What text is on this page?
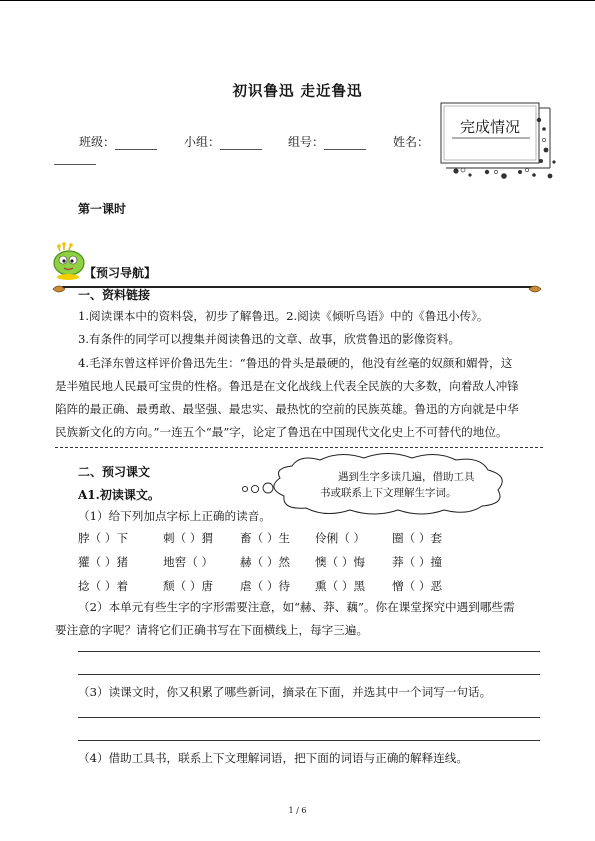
初识鲁迅 走近鲁迅
班级：	小组：	组号：	姓名：
完成情况
第一课时
【预习导航】
一、资料链接
1.阅读课本中的资料袋，初步了解鲁迅。2.阅读《倾听鸟语》中的《鲁迅小传》。
3.有条件的同学可以搜集并阅读鲁迅的文章、故事，欣赏鲁迅的影像资料。
4.毛泽东曾这样评价鲁迅先生：“鲁迅的骨头是最硬的，他没有丝毫的奴颜和媚骨，这
是半殖民地人民最可宝贵的性格。鲁迅是在文化战线上代表全民族的大多数，向着敌人冲锋
陷阵的最正确、最勇敢、最坚强、最忠实、最热忱的空前的民族英雄。鲁迅的方向就是中华
民族新文化的方向。”一连五个“最”字，论定了鲁迅在中国现代文化史上不可替代的地位。
二、预习课文
A1.初读课文。
遇到生字多读几遍，借助工具
书或联系上下文理解生字词。
（1）给下列加点字标上正确的读音。
脖（ ）下	刺（ ）猬 畜（ ）生 伶俐（ ） 圈（ ）套
獾（ ）猪	地窖（ ） 赫（ ）然 懊（ ）悔 莽（ ）撞
捻（ ）着	颓（ ）唐 虐（ ）待 熏（ ）黑 憎（ ）恶
（2）本单元有些生字的字形需要注意，如“赫、莽、藕”。你在课堂探究中遇到哪些需
要注意的字呢？请将它们正确书写在下面横线上，每字三遍。
（3）读课文时，你又积累了哪些新词，摘录在下面，并选其中一个词写一句话。
（4）借助工具书，联系上下文理解词语，把下面的词语与正确的解释连线。
1 / 6
